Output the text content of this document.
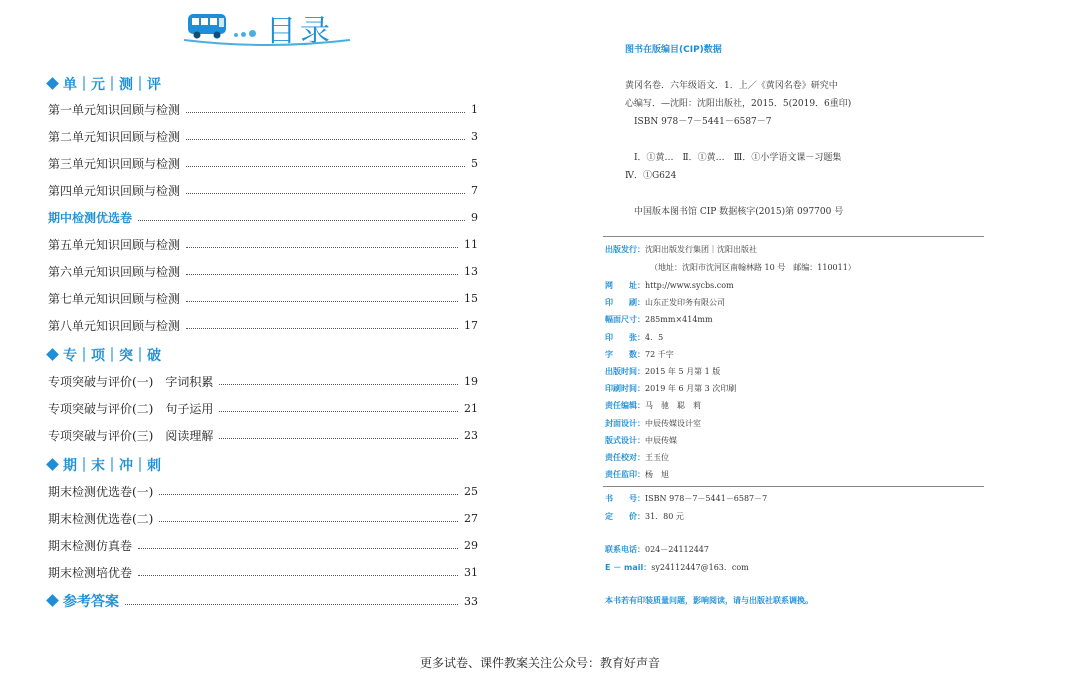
目录
单｜元｜测｜评
第一单元知识回顾与检测	1
第二单元知识回顾与检测	3
第三单元知识回顾与检测	5
第四单元知识回顾与检测	7
期中检测优选卷	9
第五单元知识回顾与检测	11
第六单元知识回顾与检测	13
第七单元知识回顾与检测	15
第八单元知识回顾与检测	17
专｜项｜突｜破
专项突破与评价(一)　字词积累	19
专项突破与评价(二)　句子运用	21
专项突破与评价(三)　阅读理解	23
期｜末｜冲｜刺
期末检测优选卷(一)	25
期末检测优选卷(二)	27
期末检测仿真卷	29
期末检测培优卷	31
参考答案	33
图书在版编目(CIP)数据
黄冈名卷．六年级语文．1．上／《黄冈名卷》研究中
心编写．—沈阳：沈阳出版社，2015．5(2019．6重印)
　ISBN 978－7－5441－6587－7
　Ⅰ．①黄…　Ⅱ．①黄…　Ⅲ．①小学语文课－习题集
Ⅳ．①G624
　中国版本图书馆 CIP 数据核字(2015)第 097700 号
出版发行：沈阳出版发行集团｜沈阳出版社
（地址：沈阳市沈河区南翰林路 10 号　邮编：110011）
网　　址：http://www.sycbs.com
印　　刷：山东正发印务有限公司
幅面尺寸：285mm×414mm
印　　张：4．5
字　　数：72 千字
出版时间：2015 年 5 月第 1 版
印刷时间：2019 年 6 月第 3 次印刷
责任编辑：马　驰　聪　莉
封面设计：中辰传媒设计室
版式设计：中辰传媒
责任校对：王玉位
责任监印：杨　旭
书　　号：ISBN 978－7－5441－6587－7
定　　价：31．80 元
联系电话：024－24112447
E － mail：sy24112447@163．com
本书若有印装质量问题，影响阅读，请与出版社联系调换。
更多试卷、课件教案关注公众号：教育好声音
